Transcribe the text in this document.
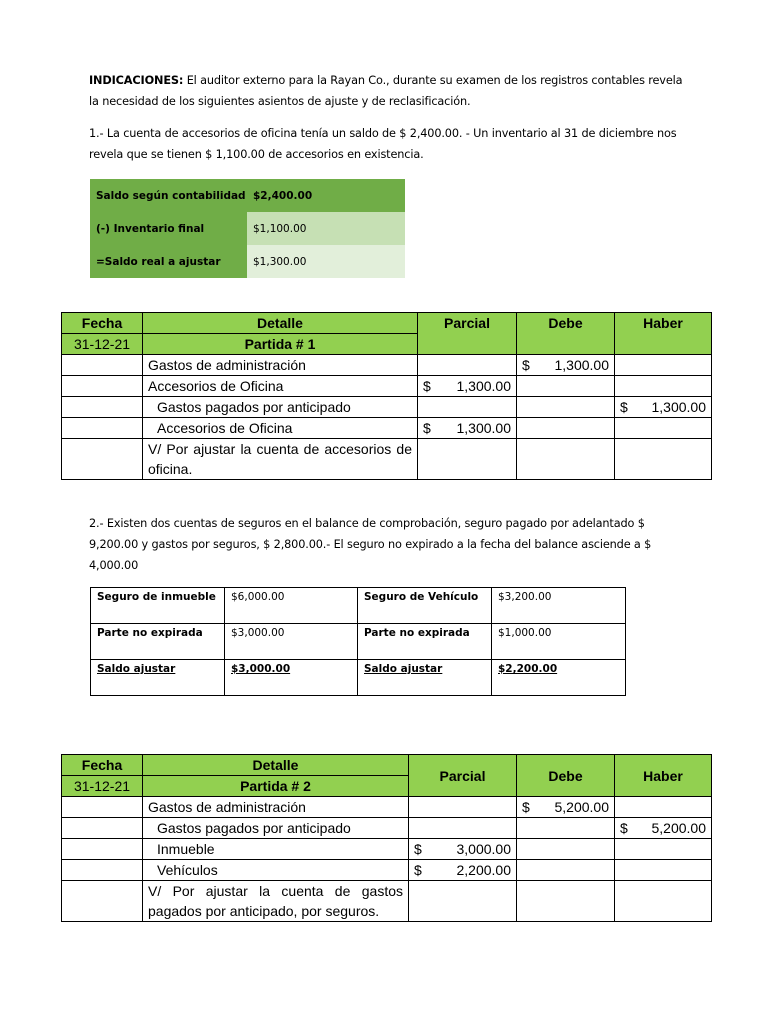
INDICACIONES: El auditor externo para la Rayan Co., durante su examen de los registros contables revela la necesidad de los siguientes asientos de ajuste y de reclasificación.
1.- La cuenta de accesorios de oficina tenía un saldo de $ 2,400.00. - Un inventario al 31 de diciembre nos revela que se tienen $ 1,100.00 de accesorios en existencia.
Saldo según contabilidad	$2,400.00
(-) Inventario final	$1,100.00
=Saldo real a ajustar	$1,300.00
Fecha	Detalle	Parcial	Debe	Haber
31-12-21	Partida # 1			
	Gastos de administración		$ 1,300.00	

	Accesorios de Oficina	$ 1,300.00		

	Gastos pagados por anticipado			$ 1,300.00

	Accesorios de Oficina	$ 1,300.00		

	V/ Por ajustar la cuenta de accesorios de oficina.			
2.- Existen dos cuentas de seguros en el balance de comprobación, seguro pagado por adelantado $ 9,200.00 y gastos por seguros, $ 2,800.00.- El seguro no expirado a la fecha del balance asciende a $ 4,000.00
Seguro de inmueble	$6,000.00	Seguro de Vehículo	$3,200.00
Parte no expirada	$3,000.00	Parte no expirada	$1,000.00
Saldo ajustar	$3,000.00	Saldo ajustar	$2,200.00
Fecha	Detalle	Parcial	Debe	Haber
31-12-21	Partida # 2			
	Gastos de administración		$ 5,200.00	

	Gastos pagados por anticipado			$ 5,200.00

	Inmueble	$ 3,000.00		

	Vehículos	$ 2,200.00		

	V/ Por ajustar la cuenta de gastos pagados por anticipado, por seguros.			
